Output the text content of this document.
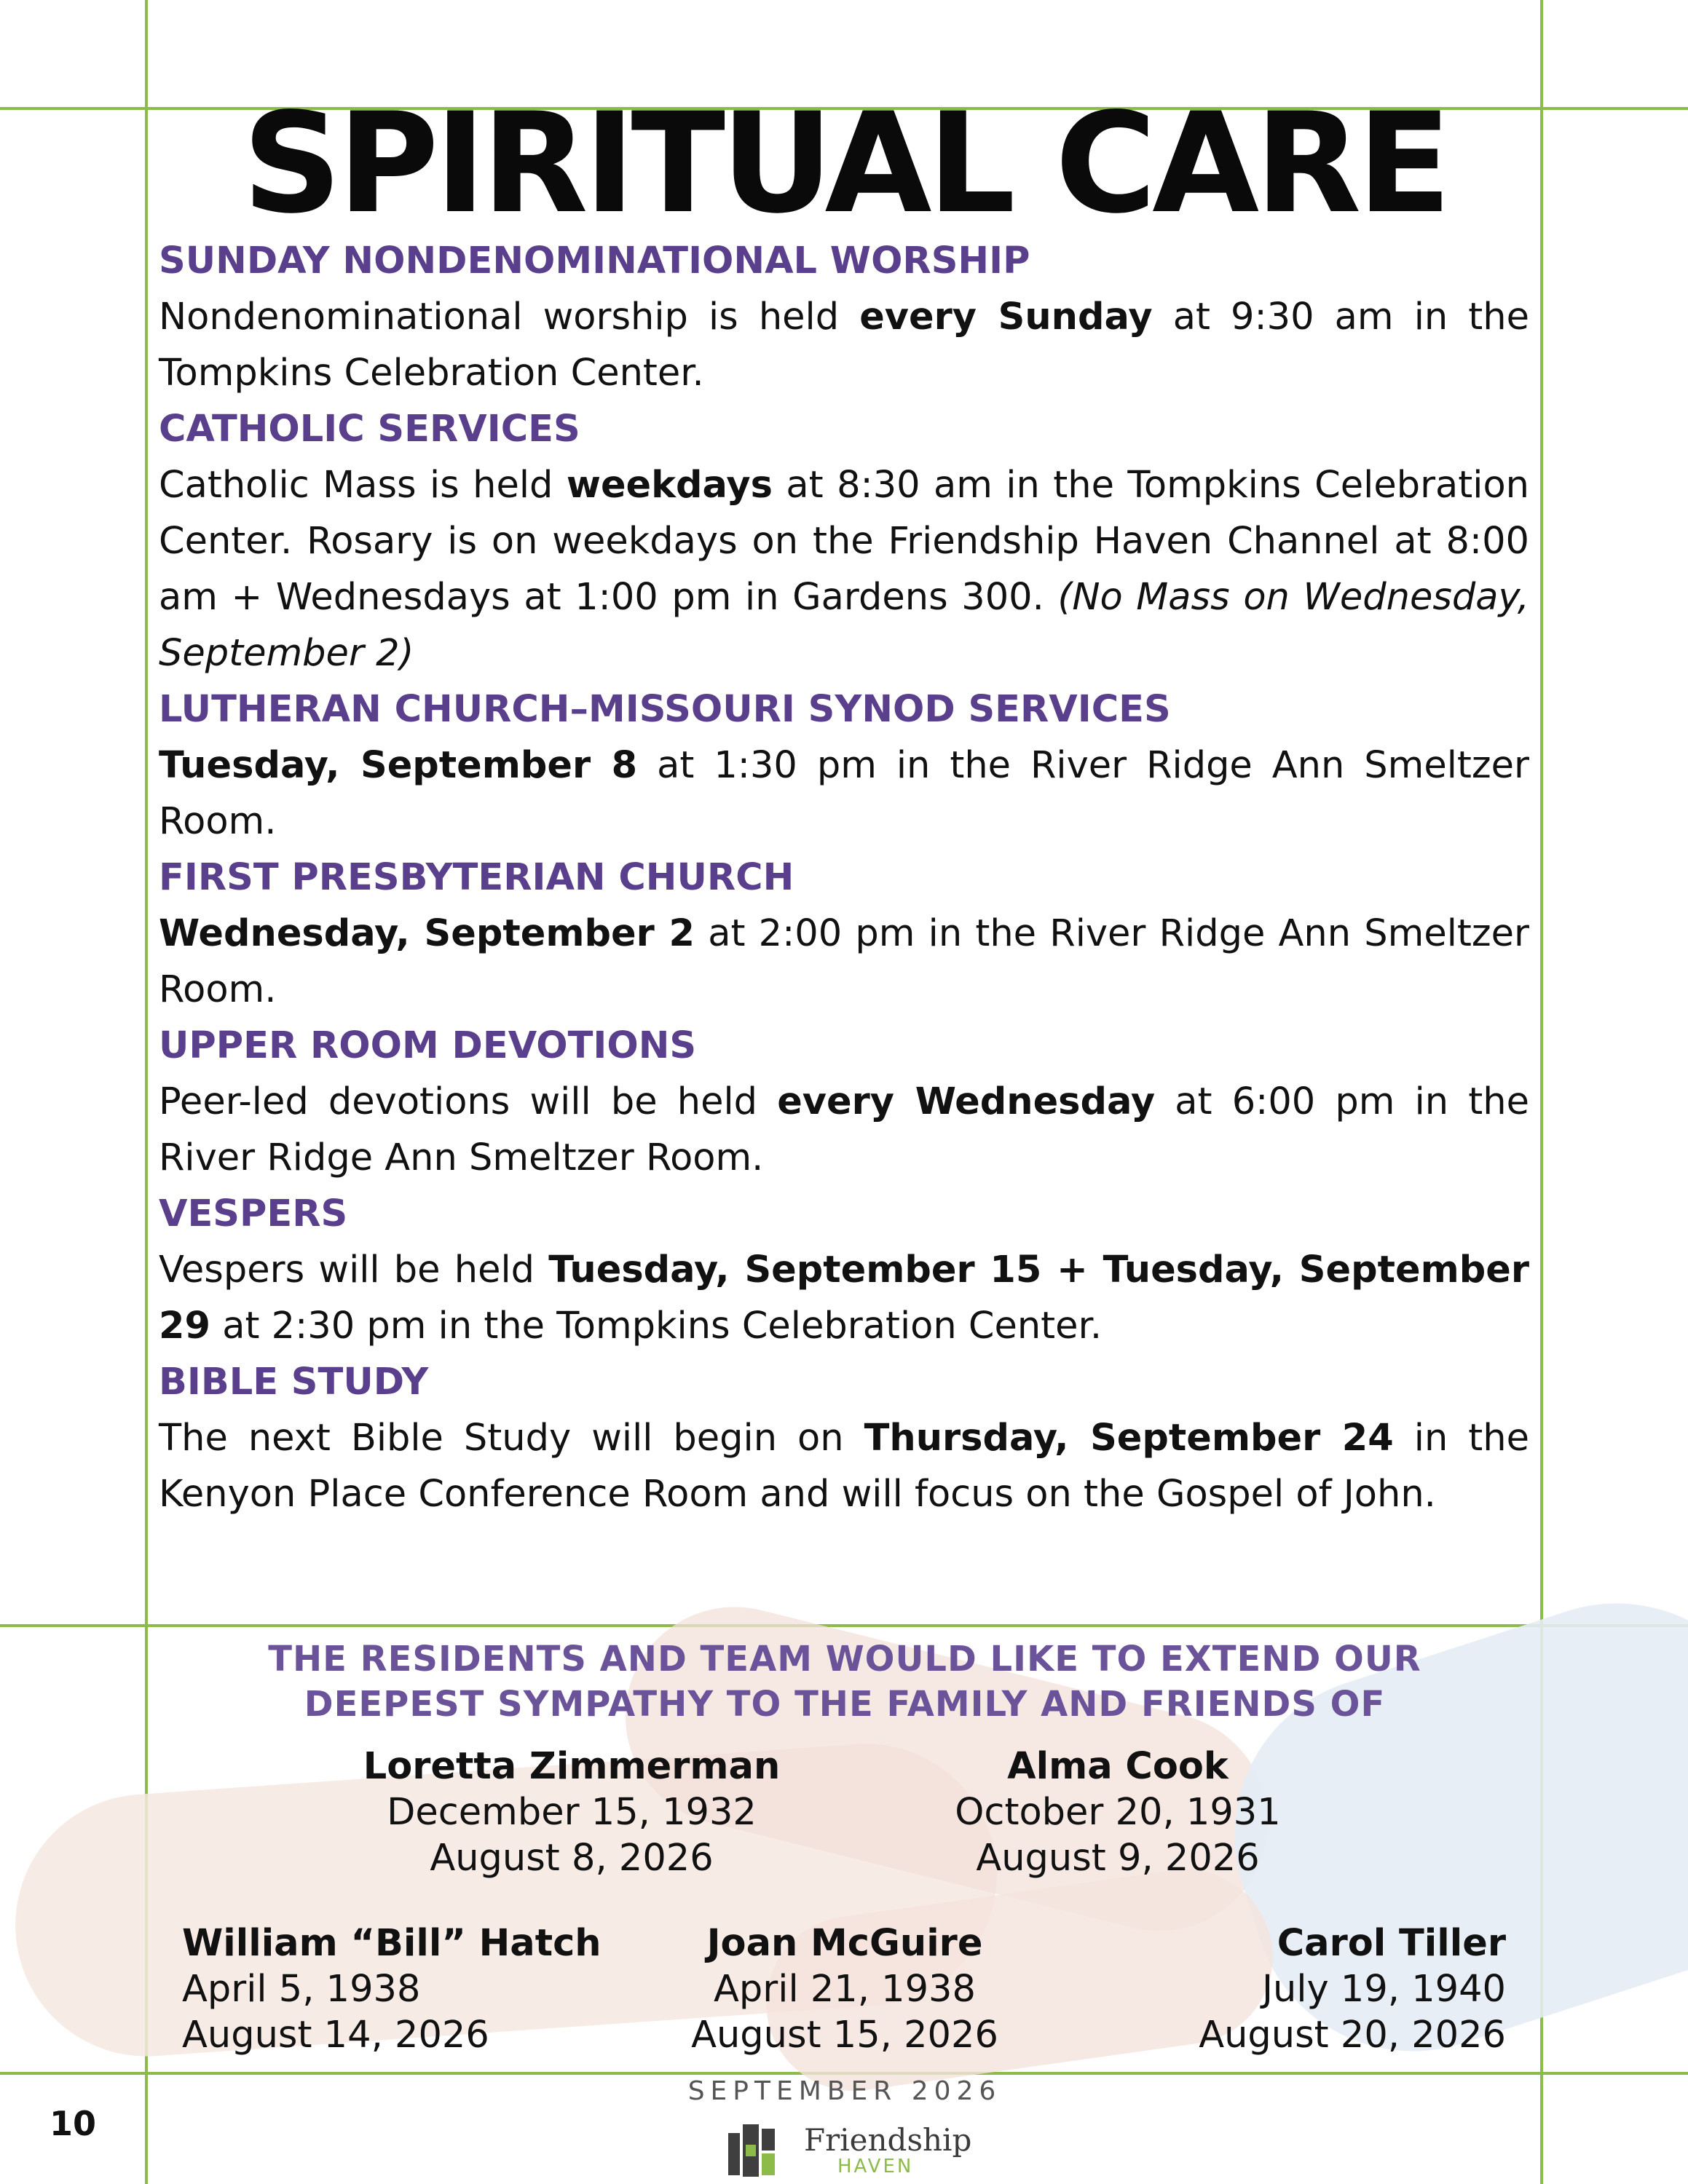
SPIRITUAL CARE
SUNDAY NONDENOMINATIONAL WORSHIP

Nondenominational worship is held every Sunday at 9:30 am in the Tompkins Celebration Center.

CATHOLIC SERVICES

Catholic Mass is held weekdays at 8:30 am in the Tompkins Celebration Center. Rosary is on weekdays on the Friendship Haven Channel at 8:00 am + Wednesdays at 1:00 pm in Gardens 300. (No Mass on Wednesday, September 2)

LUTHERAN CHURCH–MISSOURI SYNOD SERVICES

Tuesday, September 8 at 1:30 pm in the River Ridge Ann Smeltzer Room.

FIRST PRESBYTERIAN CHURCH

Wednesday, September 2 at 2:00 pm in the River Ridge Ann Smeltzer Room.

UPPER ROOM DEVOTIONS

Peer-led devotions will be held every Wednesday at 6:00 pm in the River Ridge Ann Smeltzer Room.

VESPERS

Vespers will be held Tuesday, September 15 + Tuesday, September 29 at 2:30 pm in the Tompkins Celebration Center.

BIBLE STUDY

The next Bible Study will begin on Thursday, September 24 in the Kenyon Place Conference Room and will focus on the Gospel of John.

THE RESIDENTS AND TEAM WOULD LIKE TO EXTEND OUR
DEEPEST SYMPATHY TO THE FAMILY AND FRIENDS OF
Loretta Zimmerman
December 15, 1932
August 8, 2026
Alma Cook
October 20, 1931
August 9, 2026
William “Bill” Hatch
April 5, 1938
August 14, 2026
Joan McGuire
April 21, 1938
August 15, 2026
Carol Tiller
July 19, 1940
August 20, 2026
10
SEPTEMBER 2026
Friendship
HAVEN
